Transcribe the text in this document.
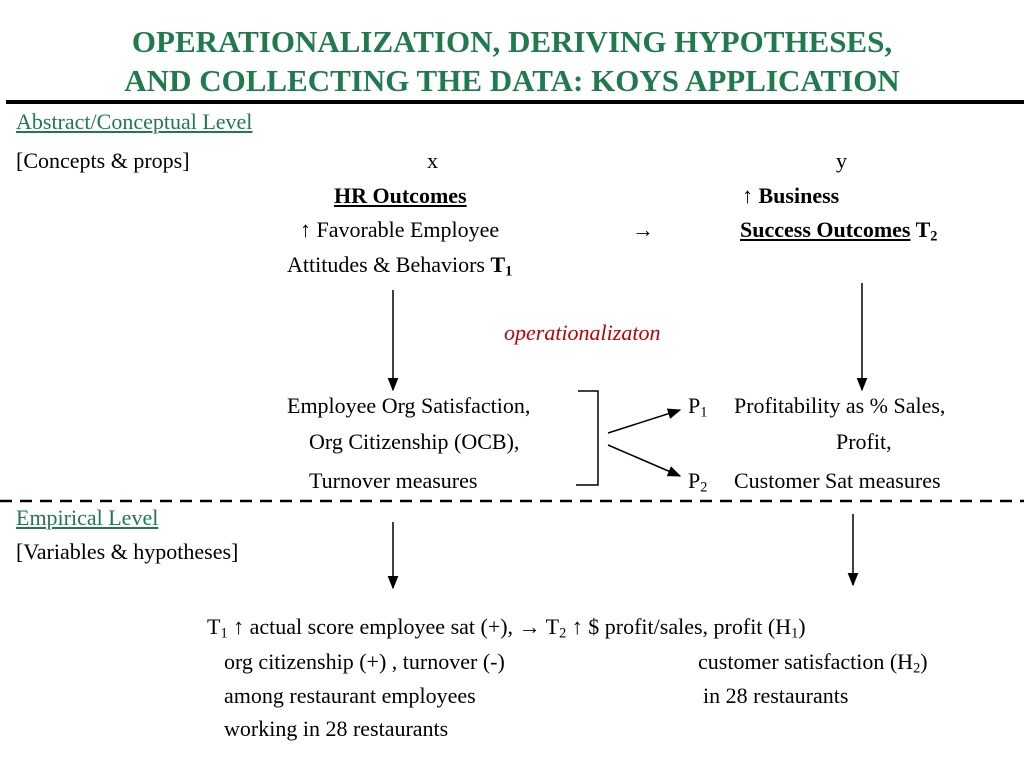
OPERATIONALIZATION, DERIVING HYPOTHESES,
AND COLLECTING THE DATA: KOYS APPLICATION
Abstract/Conceptual Level
[Concepts & props]	x	y
HR Outcomes
↑ Favorable Employee
Attitudes & Behaviors $T_1$
→
↑ Business
Success Outcomes $T_2$
operationalizaton
Employee Org Satisfaction,
Org Citizenship (OCB),
Turnover measures
$P_1$
$P_2$
Profitability as % Sales,
Profit,
Customer Sat measures
Empirical Level
[Variables & hypotheses]
$T_1$ ↑ actual score employee sat (+), → $T_2$ ↑ $ profit/sales, profit $(H_1)$
org citizenship (+) , turnover (-)	customer satisfaction $(H_2)$
among restaurant employees	in 28 restaurants
working in 28 restaurants
